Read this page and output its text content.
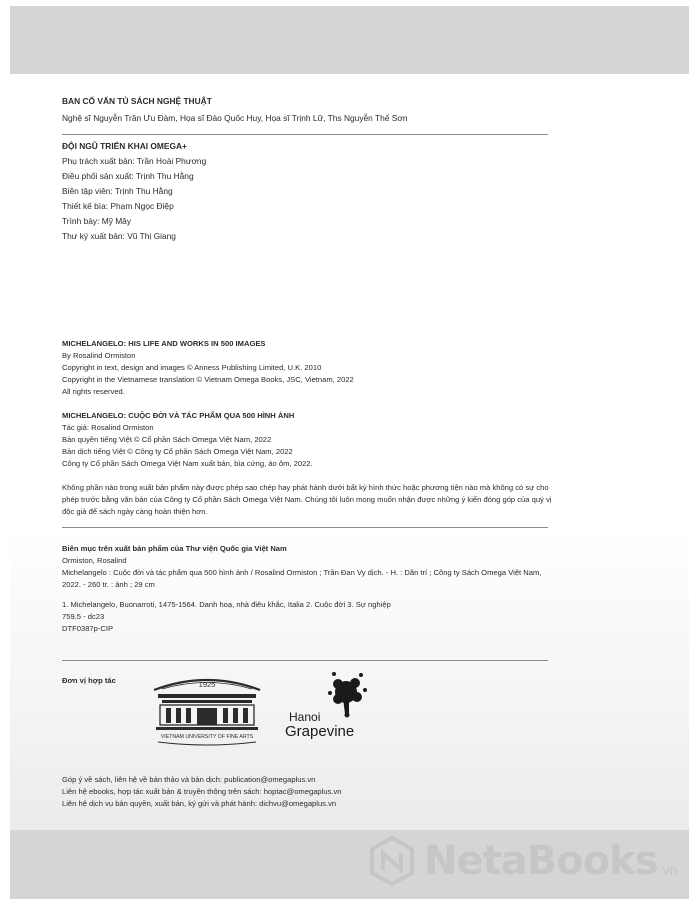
BAN CỐ VẤN TỦ SÁCH NGHỆ THUẬT
Nghệ sĩ Nguyễn Trần Ưu Đàm, Họa sĩ Đào Quốc Huy, Họa sĩ Trịnh Lữ, Ths Nguyễn Thế Sơn
ĐỘI NGŨ TRIỂN KHAI OMEGA+
Phụ trách xuất bản: Trần Hoài Phương
Điều phối sản xuất: Trịnh Thu Hằng
Biên tập viên: Trịnh Thu Hằng
Thiết kế bìa: Phạm Ngọc Điệp
Trình bày: Mỹ Mây
Thư ký xuất bản: Vũ Thị Giang
MICHELANGELO: HIS LIFE AND WORKS IN 500 IMAGES
By Rosalind Ormiston
Copyright in text, design and images © Anness Publishing Limited, U.K. 2010
Copyright in the Vietnamese translation © Vietnam Omega Books, JSC, Vietnam, 2022
All rights reserved.
MICHELANGELO: CUỘC ĐỜI VÀ TÁC PHẨM QUA 500 HÌNH ẢNH
Tác giả: Rosalind Ormiston
Bản quyền tiếng Việt © Cổ phần Sách Omega Việt Nam, 2022
Bản dịch tiếng Việt © Công ty Cổ phần Sách Omega Việt Nam, 2022
Công ty Cổ phần Sách Omega Việt Nam xuất bản, bìa cứng, áo ôm, 2022.
Không phần nào trong xuất bản phẩm này được phép sao chép hay phát hành dưới bất kỳ hình thức hoặc phương tiện nào mà không có sự cho phép trước bằng văn bản của Công ty Cổ phần Sách Omega Việt Nam. Chúng tôi luôn mong muốn nhận được những ý kiến đóng góp của quý vị độc giả để sách ngày càng hoàn thiện hơn.
Biên mục trên xuất bản phẩm của Thư viện Quốc gia Việt Nam
Ormiston, Rosalind
Michelangelo : Cuộc đời và tác phẩm qua 500 hình ảnh / Rosalind Ormiston ; Trần Đan Vy dịch. - H. : Dân trí ; Công ty Sách Omega Việt Nam, 2022. - 260 tr. : ảnh ; 29 cm
1. Michelangelo, Buonarroti, 1475-1564. Danh hoạ, nhà điêu khắc, Italia 2. Cuộc đời 3. Sự nghiệp
759.5 - dc23
DTF0387p-CIP
Đơn vị hợp tác	1925
VIETNAM UNIVERSITY OF FINE ARTS
Hanoi
Grapevine
Góp ý về sách, liên hệ về bản thảo và bản dịch: publication@omegaplus.vn
Liên hệ ebooks, hợp tác xuất bản & truyền thông trên sách: hoptac@omegaplus.vn
Liên hệ dịch vụ bản quyền, xuất bản, ký gửi và phát hành: dichvu@omegaplus.vn
NetaBooks .vn
